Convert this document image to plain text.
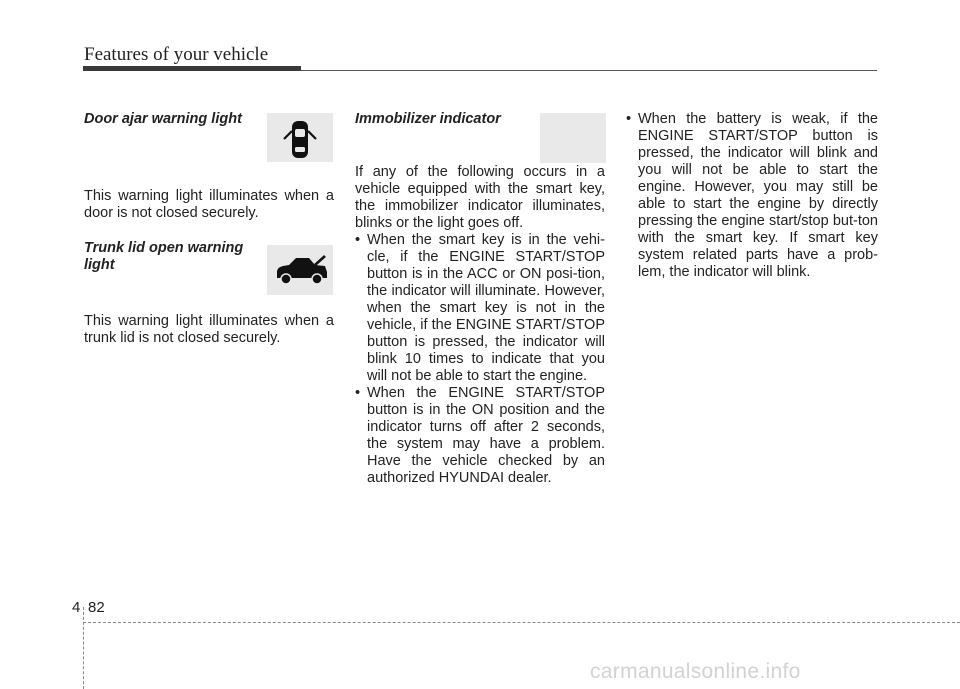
Features of your vehicle
Door ajar warning light
This warning light illuminates when a door is not closed securely.
Trunk lid open warning
light
This warning light illuminates when a trunk lid is not closed securely.
Immobilizer indicator
If any of the following occurs in a vehicle equipped with the smart key, the immobilizer indicator illuminates, blinks or the light goes off.
• When the smart key is in the vehi-cle, if the ENGINE START/STOP button is in the ACC or ON posi-tion, the indicator will illuminate. However, when the smart key is not in the vehicle, if the ENGINE START/STOP button is pressed, the indicator will blink 10 times to indicate that you will not be able to start the engine.
• When the ENGINE START/STOP button is in the ON position and the indicator turns off after 2 seconds, the system may have a problem. Have the vehicle checked by an authorized HYUNDAI dealer.
• When the battery is weak, if the ENGINE START/STOP button is pressed, the indicator will blink and you will not be able to start the engine. However, you may still be able to start the engine by directly pressing the engine start/stop but-ton with the smart key. If smart key system related parts have a prob-lem, the indicator will blink.
4 82
carmanualsonline.info
